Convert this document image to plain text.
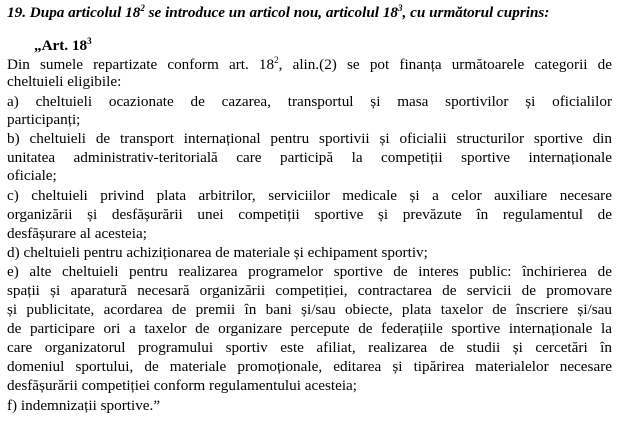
19. Dupa articolul $18^2$ se introduce un articol nou, articolul $18^3$, cu următorul cuprins:
„Art. $18^3$
Din sumele repartizate conform art. $18^2$, alin.(2) se pot finanța următoarele categorii de
cheltuieli eligibile:
a) cheltuieli ocazionate de cazarea, transportul și masa sportivilor și oficialilor
participanți;
b) cheltuieli de transport internațional pentru sportivii și oficialii structurilor sportive din
unitatea administrativ-teritorială care participă la competiții sportive internaționale
oficiale;
c) cheltuieli privind plata arbitrilor, serviciilor medicale și a celor auxiliare necesare
organizării și desfășurării unei competiții sportive și prevăzute în regulamentul de
desfășurare al acesteia;
d) cheltuieli pentru achiziționarea de materiale și echipament sportiv;
e) alte cheltuieli pentru realizarea programelor sportive de interes public: închirierea de
spații și aparatură necesară organizării competiției, contractarea de servicii de promovare
și publicitate, acordarea de premii în bani și/sau obiecte, plata taxelor de înscriere și/sau
de participare ori a taxelor de organizare percepute de federațiile sportive internaționale la
care organizatorul programului sportiv este afiliat, realizarea de studii și cercetări în
domeniul sportului, de materiale promoționale, editarea și tipărirea materialelor necesare
desfășurării competiției conform regulamentului acesteia;
f) indemnizații sportive.”
